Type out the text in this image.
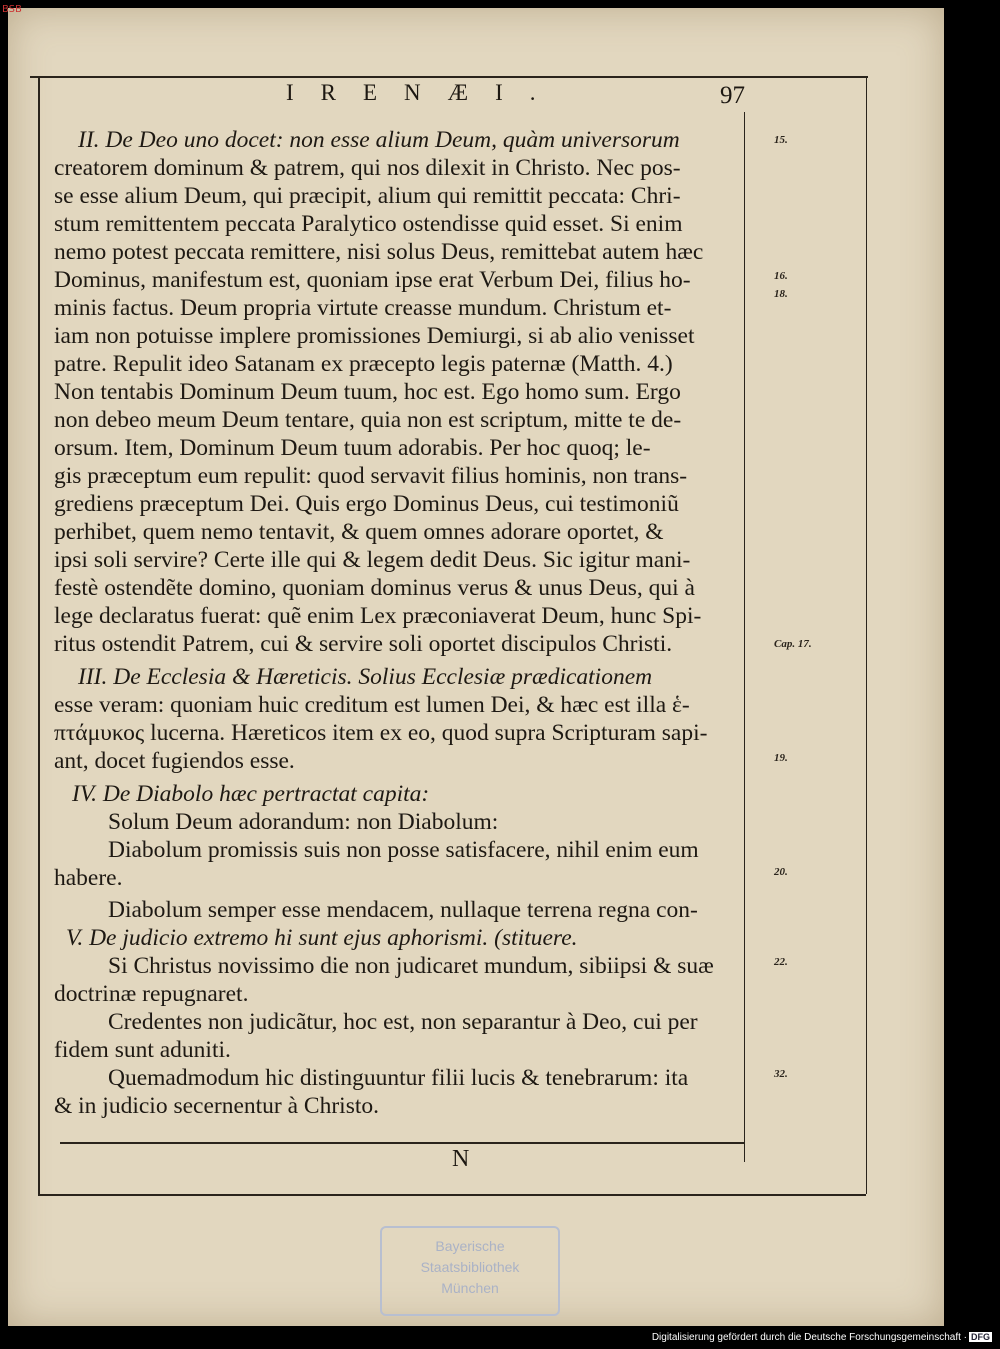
IRENÆI.	97
II. De Deo uno docet: non esse alium Deum, quàm universorum
creatorem dominum & patrem, qui nos dilexit in Christo. Nec pos-
se esse alium Deum, qui præcipit, alium qui remittit peccata: Chri-
stum remittentem peccata Paralytico ostendisse quid esset. Si enim
nemo potest peccata remittere, nisi solus Deus, remittebat autem hæc
Dominus, manifestum est, quoniam ipse erat Verbum Dei, filius ho-
minis factus. Deum propria virtute creasse mundum. Christum et-
iam non potuisse implere promissiones Demiurgi, si ab alio venisset
patre. Repulit ideo Satanam ex præcepto legis paternæ (Matth. 4.)
Non tentabis Dominum Deum tuum, hoc est. Ego homo sum. Ergo
non debeo meum Deum tentare, quia non est scriptum, mitte te de-
orsum. Item, Dominum Deum tuum adorabis. Per hoc quoq; le-
gis præceptum eum repulit: quod servavit filius hominis, non trans-
grediens præceptum Dei. Quis ergo Dominus Deus, cui testimoniũ
perhibet, quem nemo tentavit, & quem omnes adorare oportet, &
ipsi soli servire? Certe ille qui & legem dedit Deus. Sic igitur mani-
festè ostendẽte domino, quoniam dominus verus & unus Deus, qui à
lege declaratus fuerat: quẽ enim Lex præconiaverat Deum, hunc Spi-
ritus ostendit Patrem, cui & servire soli oportet discipulos Christi.
III. De Ecclesia & Hæreticis. Solius Ecclesiæ prædicationem
esse veram: quoniam huic creditum est lumen Dei, & hæc est illa ἑ-
πτάμυκος lucerna. Hæreticos item ex eo, quod supra Scripturam sapi-
ant, docet fugiendos esse.
IV. De Diabolo hæc pertractat capita:
Solum Deum adorandum: non Diabolum:
Diabolum promissis suis non posse satisfacere, nihil enim eum
habere.
Diabolum semper esse mendacem, nullaque terrena regna con-
V. De judicio extremo hi sunt ejus aphorismi. (stituere.
Si Christus novissimo die non judicaret mundum, sibiipsi & suæ
doctrinæ repugnaret.
Credentes non judicãtur, hoc est, non separantur à Deo, cui per
fidem sunt aduniti.
Quemadmodum hic distinguuntur filii lucis & tenebrarum: ita
& in judicio secernentur à Christo.
15.
16.
18.
Cap. 17.
19.
20.
22.
32.
N
Bayerische
Staatsbibliothek
München
BSB
Digitalisierung gefördert durch die Deutsche Forschungsgemeinschaft · DFG
